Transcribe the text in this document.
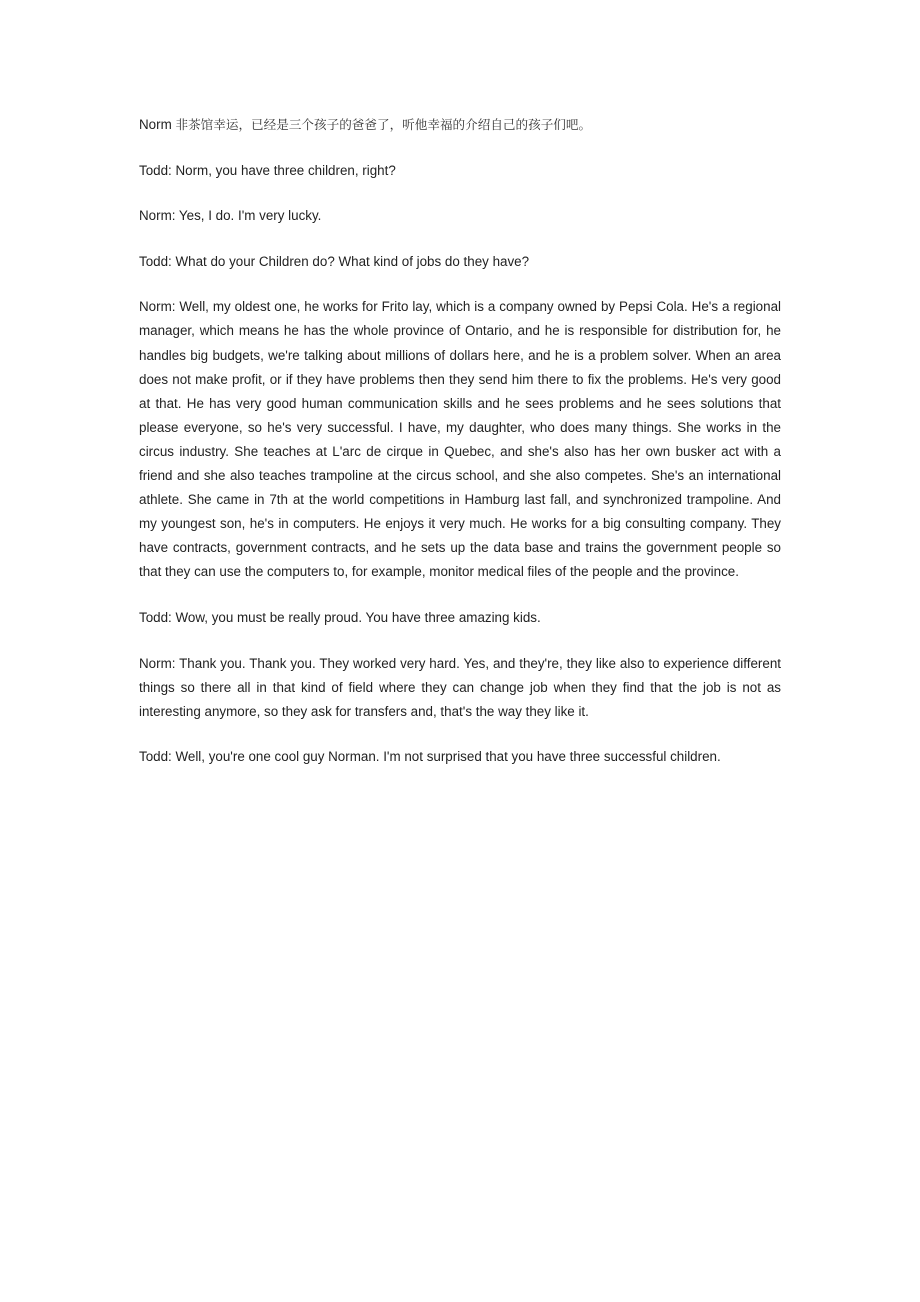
Norm 非茶馆幸运，已经是三个孩子的爸爸了，听他幸福的介绍自己的孩子们吧。

Todd: Norm, you have three children, right?

Norm: Yes, I do. I'm very lucky.

Todd: What do your Children do? What kind of jobs do they have?

Norm: Well, my oldest one, he works for Frito lay, which is a company owned by Pepsi Cola. He's a regional manager, which means he has the whole province of Ontario, and he is responsible for distribution for, he handles big budgets, we're talking about millions of dollars here, and he is a problem solver. When an area does not make profit, or if they have problems then they send him there to fix the problems. He's very good at that. He has very good human communication skills and he sees problems and he sees solutions that please everyone, so he's very successful. I have, my daughter, who does many things. She works in the circus industry. She teaches at L'arc de cirque in Quebec, and she's also has her own busker act with a friend and she also teaches trampoline at the circus school, and she also competes. She's an international athlete. She came in 7th at the world competitions in Hamburg last fall, and synchronized trampoline. And my youngest son, he's in computers. He enjoys it very much. He works for a big consulting company. They have contracts, government contracts, and he sets up the data base and trains the government people so that they can use the computers to, for example, monitor medical files of the people and the province.

Todd: Wow, you must be really proud. You have three amazing kids.

Norm: Thank you. Thank you. They worked very hard. Yes, and they're, they like also to experience different things so there all in that kind of field where they can change job when they find that the job is not as interesting anymore, so they ask for transfers and, that's the way they like it.

Todd: Well, you're one cool guy Norman. I'm not surprised that you have three successful children.
